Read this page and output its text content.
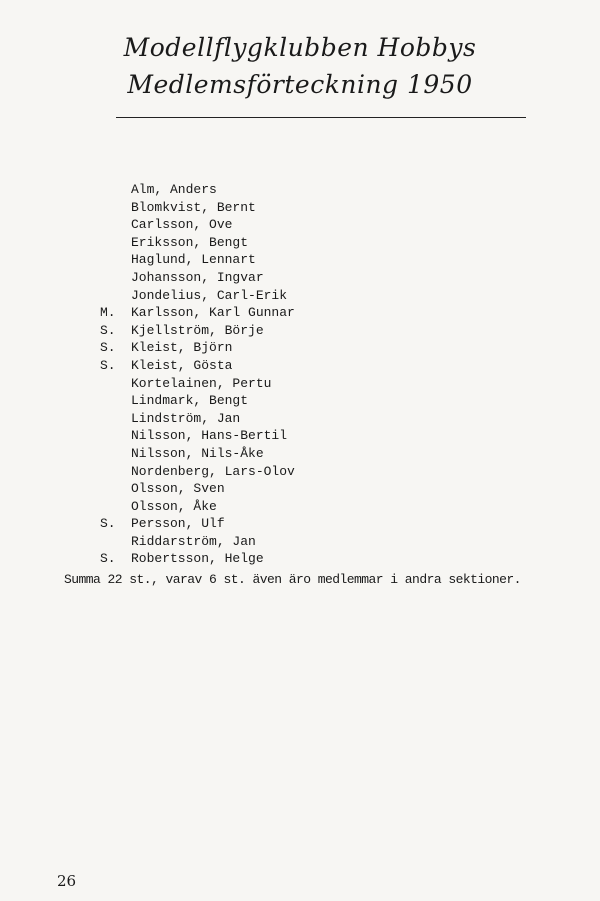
Modellflygklubben Hobbys
Medlemsförteckning 1950
Alm, Anders
Blomkvist, Bernt
Carlsson, Ove
Eriksson, Bengt
Haglund, Lennart
Johansson, Ingvar
Jondelius, Carl-Erik
M.	Karlsson, Karl Gunnar
S.	Kjellström, Börje
S.	Kleist, Björn
S.	Kleist, Gösta
Kortelainen, Pertu
Lindmark, Bengt
Lindström, Jan
Nilsson, Hans-Bertil
Nilsson, Nils-Åke
Nordenberg, Lars-Olov
Olsson, Sven
Olsson, Åke
S.	Persson, Ulf
Riddarström, Jan
S.	Robertsson, Helge
Summa 22 st., varav 6 st. även äro medlemmar i andra sektioner.
26
